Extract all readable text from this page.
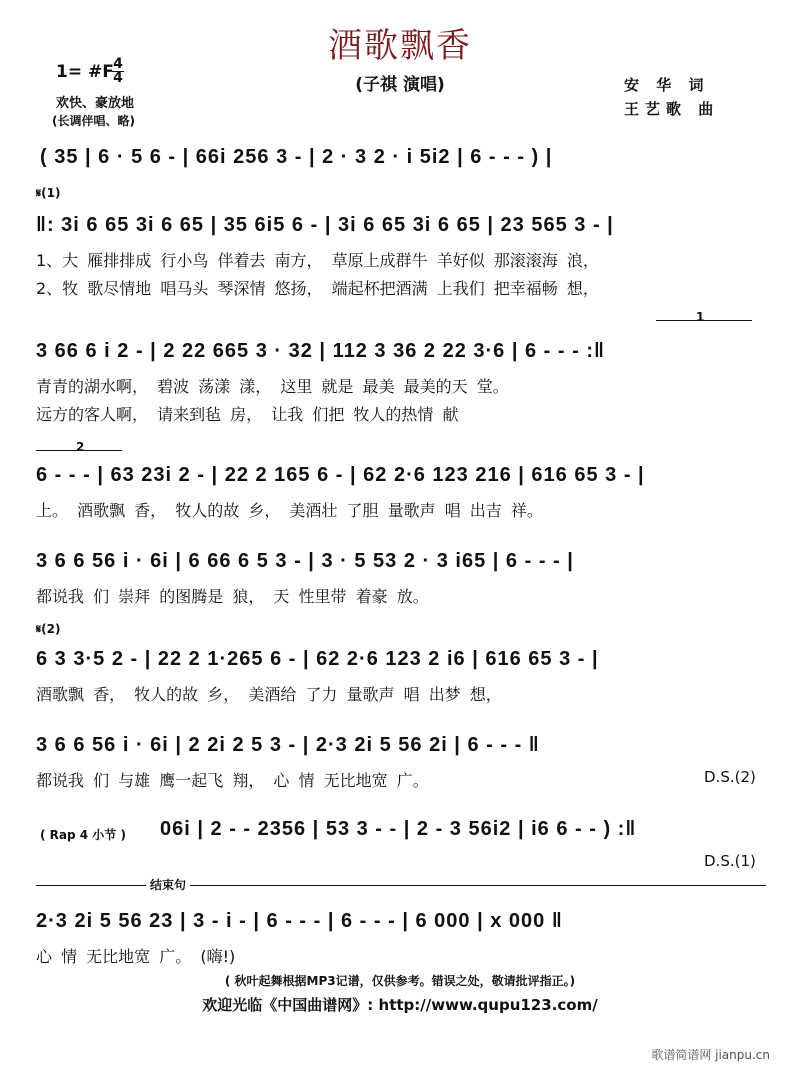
酒歌飘香
(子祺 演唱)
1= #F 4
4
欢快、豪放地
(长调伴唱、略)
安 华 词
王艺歌 曲
( 35 | 6 · 5 6 - | 66i 256 3 - | 2 · 3 2 · i 5i2 | 6 - - - ) |
𝄋(1)
‖: 3i 6 65 3i 6 65 | 35 6i5 6 - | 3i 6 65 3i 6 65 | 23 565 3 - |
1、大 雁排排成 行小鸟 伴着去 南方， 草原上成群牛 羊好似 那滚滚海 浪，
2、牧 歌尽情地 唱马头 琴深情 悠扬， 端起杯把酒满 上我们 把幸福畅 想，
1
3 66 6 i 2 - | 2 22 665 3 · 32 | 112 3 36 2 22 3·6 | 6 - - - :‖
青青的湖水啊， 碧波 荡漾 漾， 这里 就是 最美 最美的天 堂。
远方的客人啊， 请来到毡 房， 让我 们把 牧人的热情 献
2
6 - - - | 63 23i 2 - | 22 2 165 6 - | 62 2·6 123 216 | 616 65 3 - |
上。 酒歌飘 香， 牧人的故 乡， 美酒壮 了胆 量歌声 唱 出吉 祥。
3 6 6 56 i · 6i | 6 66 6 5 3 - | 3 · 5 53 2 · 3 i65 | 6 - - - |
都说我 们 崇拜 的图腾是 狼， 天 性里带 着豪 放。
𝄋(2)
6 3 3·5 2 - | 22 2 1·265 6 - | 62 2·6 123 2 i6 | 616 65 3 - |
酒歌飘 香， 牧人的故 乡， 美酒给 了力 量歌声 唱 出梦 想，
3 6 6 56 i · 6i | 2 2i 2 5 3 - | 2·3 2i 5 56 2i | 6 - - - ‖
都说我 们 与雄 鹰一起飞 翔， 心 情 无比地宽 广。	D.S.(2)
( Rap 4 小节 ) 06i | 2 - - 2356 | 53 3 - - | 2 - 3 56i2 | i6 6 - - ) :‖
D.S.(1)
结束句
2·3 2i 5 56 23 | 3 - i - | 6 - - - | 6 - - - | 6 000 | x 000 ‖
心 情 无比地宽 广。 (嗨!)
( 秋叶起舞根据MP3记谱，仅供参考。错误之处，敬请批评指正。)
欢迎光临《中国曲谱网》: http://www.qupu123.com/
歌谱简谱网 jianpu.cn
